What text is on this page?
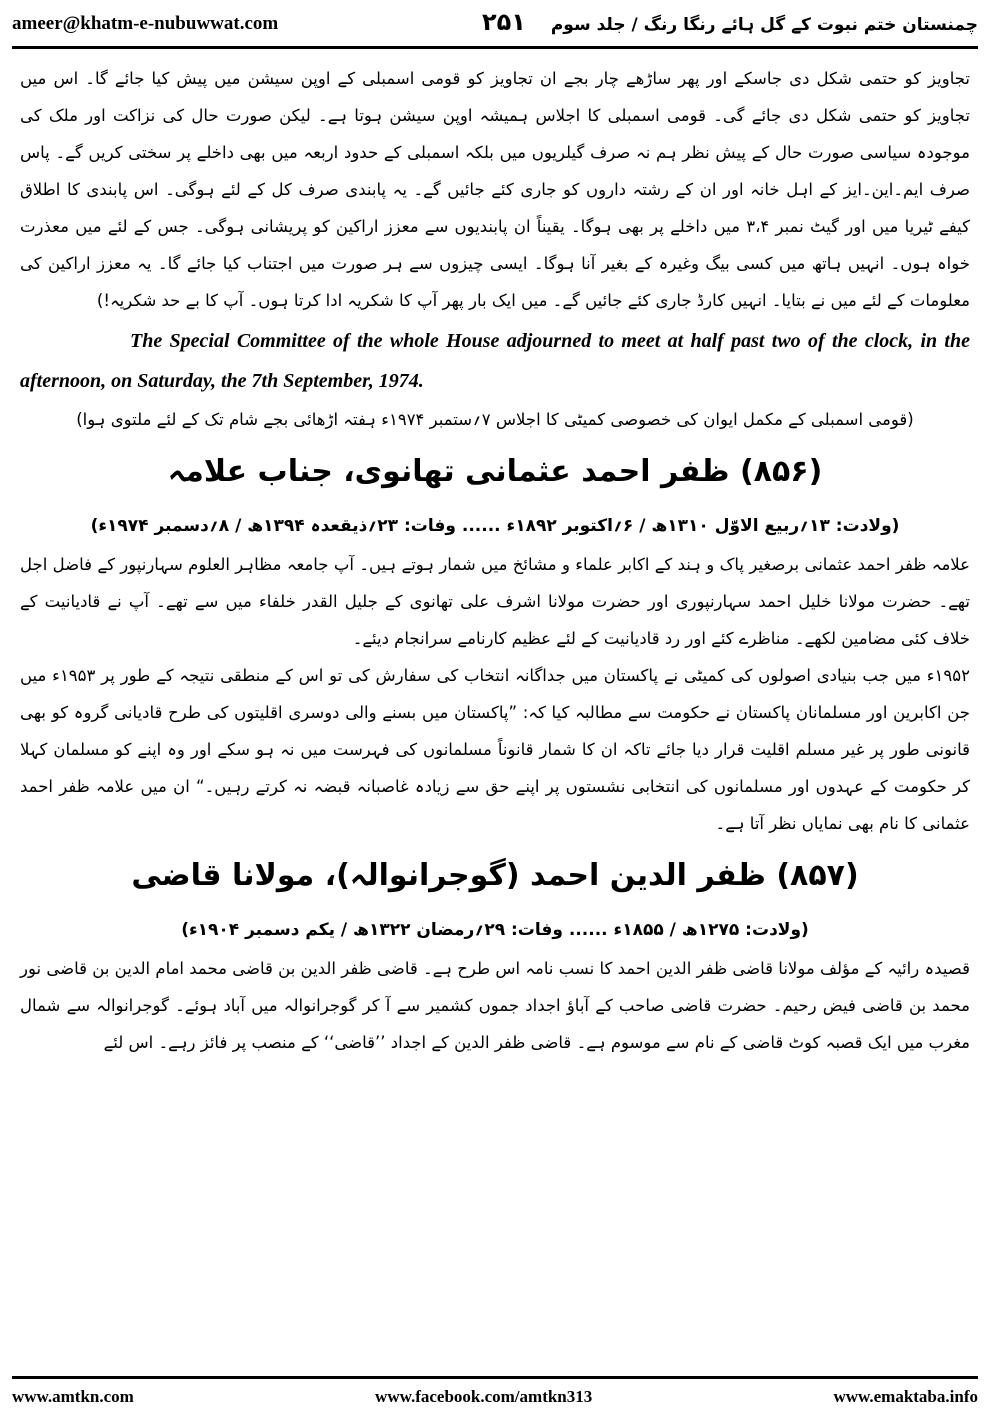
ameer@khatm-e-nubuwwat.com	۲۵۱ چمنستان ختم نبوت کے گل ہائے رنگا رنگ / جلد سوم

تجاویز کو حتمی شکل دی جاسکے اور پھر ساڑھے چار بجے ان تجاویز کو قومی اسمبلی کے اوپن سیشن میں پیش کیا جائے گا۔ اس میں تجاویز کو حتمی شکل دی جائے گی۔ قومی اسمبلی کا اجلاس ہمیشہ اوپن سیشن ہوتا ہے۔ لیکن صورت حال کی نزاکت اور ملک کی موجودہ سیاسی صورت حال کے پیش نظر ہم نہ صرف گیلریوں میں بلکہ اسمبلی کے حدود اربعہ میں بھی داخلے پر سختی کریں گے۔ پاس صرف ایم۔این۔ایز کے اہل خانہ اور ان کے رشتہ داروں کو جاری کئے جائیں گے۔ یہ پابندی صرف کل کے لئے ہوگی۔ اس پابندی کا اطلاق کیفے ٹیریا میں اور گیٹ نمبر ۳،۴ میں داخلے پر بھی ہوگا۔ یقیناً ان پابندیوں سے معزز اراکین کو پریشانی ہوگی۔ جس کے لئے میں معذرت خواہ ہوں۔ انہیں ہاتھ میں کسی بیگ وغیرہ کے بغیر آنا ہوگا۔ ایسی چیزوں سے ہر صورت میں اجتناب کیا جائے گا۔ یہ معزز اراکین کی معلومات کے لئے میں نے بتایا۔ انہیں کارڈ جاری کئے جائیں گے۔ میں ایک بار پھر آپ کا شکریہ ادا کرتا ہوں۔ آپ کا بے حد شکریہ!)

The Special Committee of the whole House adjourned to meet at half past two of the clock, in the afternoon, on Saturday, the 7th September, 1974.

(قومی اسمبلی کے مکمل ایوان کی خصوصی کمیٹی کا اجلاس ۷؍ستمبر ۱۹۷۴ء ہفتہ اڑھائی بجے شام تک کے لئے ملتوی ہوا)

(۸۵۶) ظفر احمد عثمانی تھانوی، جناب علامہ
(ولادت: ۱۳؍ربیع الاوّل ۱۳۱۰ھ / ۶؍اکتوبر ۱۸۹۲ء ...... وفات: ۲۳؍ذیقعدہ ۱۳۹۴ھ / ۸؍دسمبر ۱۹۷۴ء)

علامہ ظفر احمد عثمانی برصغیر پاک و ہند کے اکابر علماء و مشائخ میں شمار ہوتے ہیں۔ آپ جامعہ مظاہر العلوم سہارنپور کے فاضل اجل تھے۔ حضرت مولانا خلیل احمد سہارنپوری اور حضرت مولانا اشرف علی تھانوی کے جلیل القدر خلفاء میں سے تھے۔ آپ نے قادیانیت کے خلاف کئی مضامین لکھے۔ مناظرے کئے اور رد قادیانیت کے لئے عظیم کارنامے سرانجام دیئے۔

۱۹۵۲ء میں جب بنیادی اصولوں کی کمیٹی نے پاکستان میں جداگانہ انتخاب کی سفارش کی تو اس کے منطقی نتیجہ کے طور پر ۱۹۵۳ء میں جن اکابرین اور مسلمانان پاکستان نے حکومت سے مطالبہ کیا کہ: ”پاکستان میں بسنے والی دوسری اقلیتوں کی طرح قادیانی گروہ کو بھی قانونی طور پر غیر مسلم اقلیت قرار دیا جائے تاکہ ان کا شمار قانوناً مسلمانوں کی فہرست میں نہ ہو سکے اور وہ اپنے کو مسلمان کہلا کر حکومت کے عہدوں اور مسلمانوں کی انتخابی نشستوں پر اپنے حق سے زیادہ غاصبانہ قبضہ نہ کرتے رہیں۔“ ان میں علامہ ظفر احمد عثمانی کا نام بھی نمایاں نظر آتا ہے۔

(۸۵۷) ظفر الدین احمد (گوجرانوالہ)، مولانا قاضی
(ولادت: ۱۲۷۵ھ / ۱۸۵۵ء ...... وفات: ۲۹؍رمضان ۱۳۲۲ھ / یکم دسمبر ۱۹۰۴ء)

قصیدہ رائیہ کے مؤلف مولانا قاضی ظفر الدین احمد کا نسب نامہ اس طرح ہے۔ قاضی ظفر الدین بن قاضی محمد امام الدین بن قاضی نور محمد بن قاضی فیض رحیم۔ حضرت قاضی صاحب کے آباؤ اجداد جموں کشمیر سے آ کر گوجرانوالہ میں آباد ہوئے۔ گوجرانوالہ سے شمال مغرب میں ایک قصبہ کوٹ قاضی کے نام سے موسوم ہے۔ قاضی ظفر الدین کے اجداد ’’قاضی‘‘ کے منصب پر فائز رہے۔ اس لئے

www.amtkn.com	www.facebook.com/amtkn313	www.emaktaba.info
